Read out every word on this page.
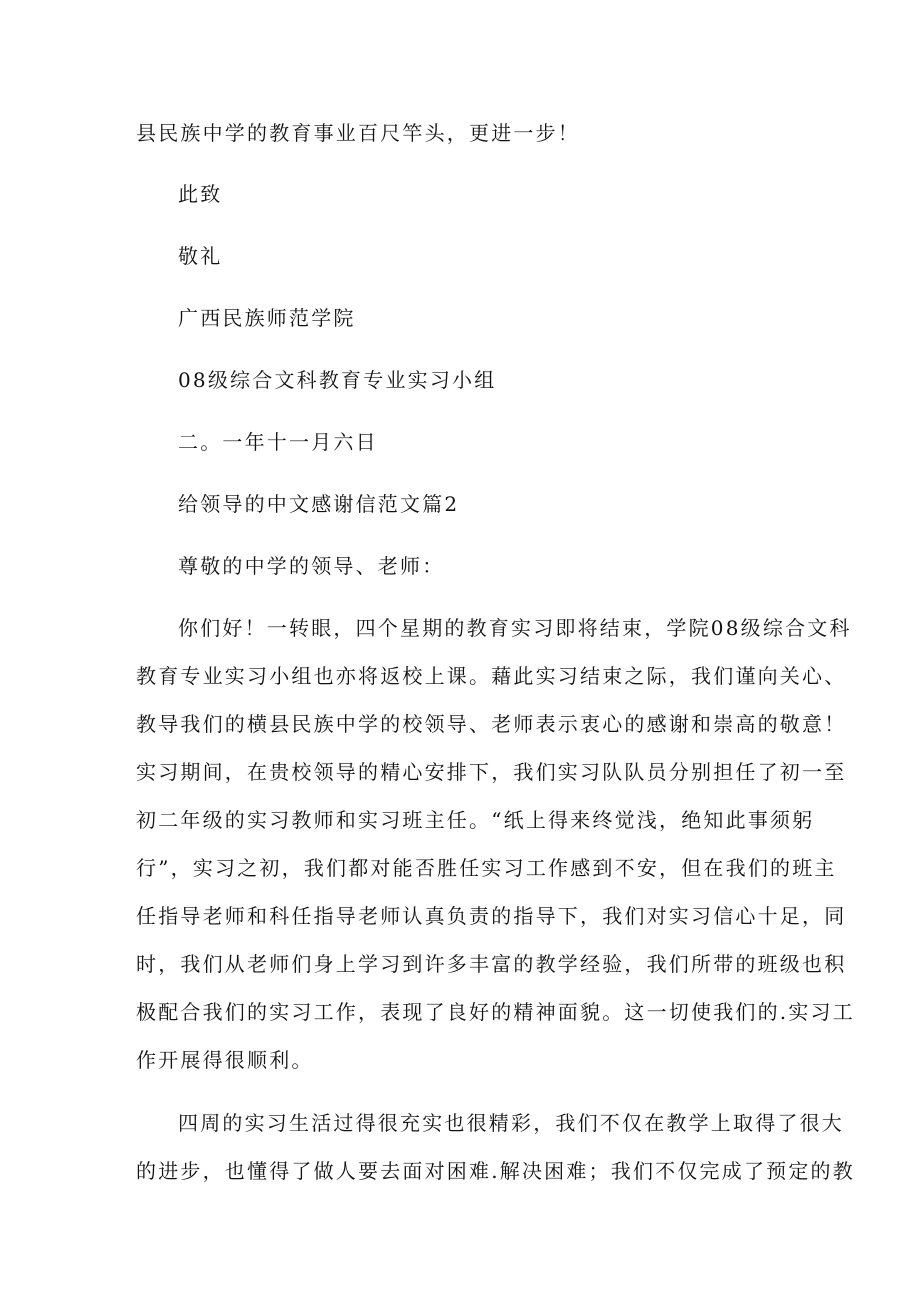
县民族中学的教育事业百尺竿头，更进一步！
此致
敬礼
广西民族师范学院
08级综合文科教育专业实习小组
二。一年十一月六日
给领导的中文感谢信范文篇2
尊敬的中学的领导、老师：
你们好！一转眼，四个星期的教育实习即将结束，学院08级综合文科
教育专业实习小组也亦将返校上课。藉此实习结束之际，我们谨向关心、
教导我们的横县民族中学的校领导、老师表示衷心的感谢和崇高的敬意！
实习期间，在贵校领导的精心安排下，我们实习队队员分别担任了初一至
初二年级的实习教师和实习班主任。“纸上得来终觉浅，绝知此事须躬
行”，实习之初，我们都对能否胜任实习工作感到不安，但在我们的班主
任指导老师和科任指导老师认真负责的指导下，我们对实习信心十足，同
时，我们从老师们身上学习到许多丰富的教学经验，我们所带的班级也积
极配合我们的实习工作，表现了良好的精神面貌。这一切使我们的.实习工
作开展得很顺利。
四周的实习生活过得很充实也很精彩，我们不仅在教学上取得了很大
的进步，也懂得了做人要去面对困难.解决困难；我们不仅完成了预定的教
